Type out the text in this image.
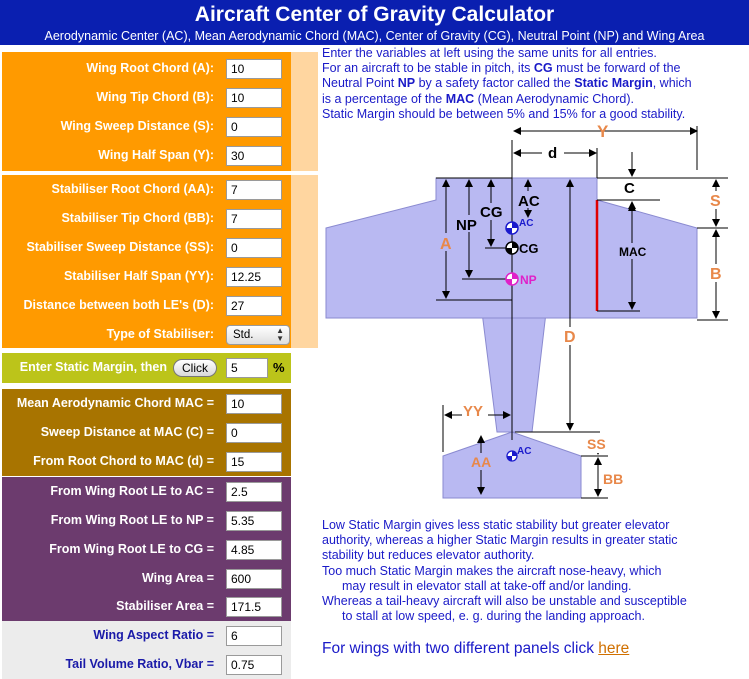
Aircraft Center of Gravity Calculator
Aerodynamic Center (AC), Mean Aerodynamic Chord (MAC), Center of Gravity (CG), Neutral Point (NP) and Wing Area
Wing Root Chord (A):
10
Wing Tip Chord (B):
10
Wing Sweep Distance (S):
0
Wing Half Span (Y):
30
Stabiliser Root Chord (AA):
7
Stabiliser Tip Chord (BB):
7
Stabiliser Sweep Distance (SS):
0
Stabiliser Half Span (YY):
12.25
Distance between both LE's (D):
27
Type of Stabiliser:	Std.	▲
▼
Enter Static Margin, then	Click
5	%
Mean Aerodynamic Chord MAC =
10
Sweep Distance at MAC (C) =
0
From Root Chord to MAC (d) =
15
From Wing Root LE to AC =
2.5
From Wing Root LE to NP =
5.35
From Wing Root LE to CG =
4.85
Wing Area =
600
Stabiliser Area =
171.5
Wing Aspect Ratio =
6
Tail Volume Ratio, Vbar =
0.75
Enter the variables at left using the same units for all entries.
For an aircraft to be stable in pitch, its CG must be forward of the
Neutral Point NP by a safety factor called the Static Margin, which
is a percentage of the MAC (Mean Aerodynamic Chord).
Static Margin should be between 5% and 15% for a good stability.
Y
d
C
MAC
S
B
A
NP
CG
AC
AC
CG
NP
D
YY
SS
BB
AA
AC
Low Static Margin gives less static stability but greater elevator
authority, whereas a higher Static Margin results in greater static
stability but reduces elevator authority.
Too much Static Margin makes the aircraft nose-heavy, which
may result in elevator stall at take-off and/or landing.
Whereas a tail-heavy aircraft will also be unstable and susceptible
to stall at low speed, e. g. during the landing approach.
For wings with two different panels click here
